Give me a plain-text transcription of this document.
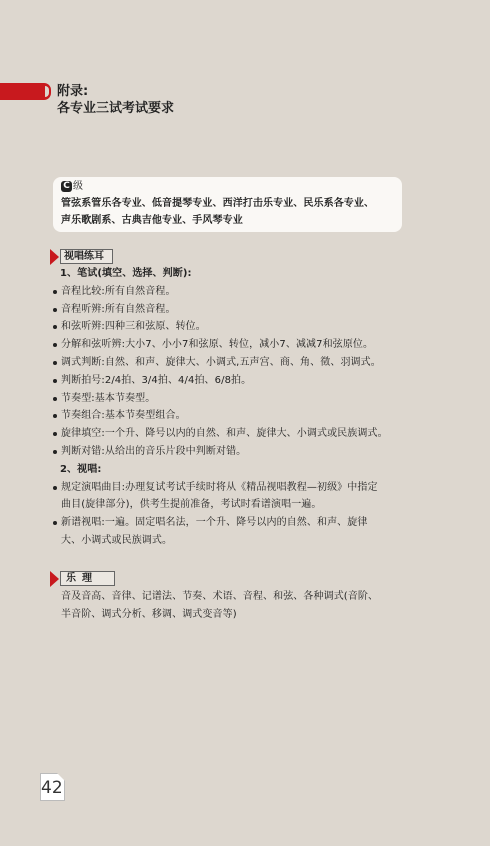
附录:
各专业三试考试要求
C 级
管弦系管乐各专业、低音提琴专业、西洋打击乐专业、民乐系各专业、
声乐歌剧系、古典吉他专业、手风琴专业
视唱练耳
1、笔试(填空、选择、判断):
音程比较:所有自然音程。
音程听辨:所有自然音程。
和弦听辨:四种三和弦原、转位。
分解和弦听辨:大小7、小小7和弦原、转位，减小7、减减7和弦原位。
调式判断:自然、和声、旋律大、小调式,五声宫、商、角、徵、羽调式。
判断拍号:2/4拍、3/4拍、4/4拍、6/8拍。
节奏型:基本节奏型。
节奏组合:基本节奏型组合。
旋律填空:一个升、降号以内的自然、和声、旋律大、小调式或民族调式。
判断对错:从给出的音乐片段中判断对错。
2、视唱:
规定演唱曲目:办理复试考试手续时将从《精品视唱教程—初级》中指定
曲目(旋律部分)，供考生提前准备，考试时看谱演唱一遍。
新谱视唱:一遍。固定唱名法，一个升、降号以内的自然、和声、旋律
大、小调式或民族调式。
乐理
音及音高、音律、记谱法、节奏、术语、音程、和弦、各种调式(音阶、
半音阶、调式分析、移调、调式变音等)
42
